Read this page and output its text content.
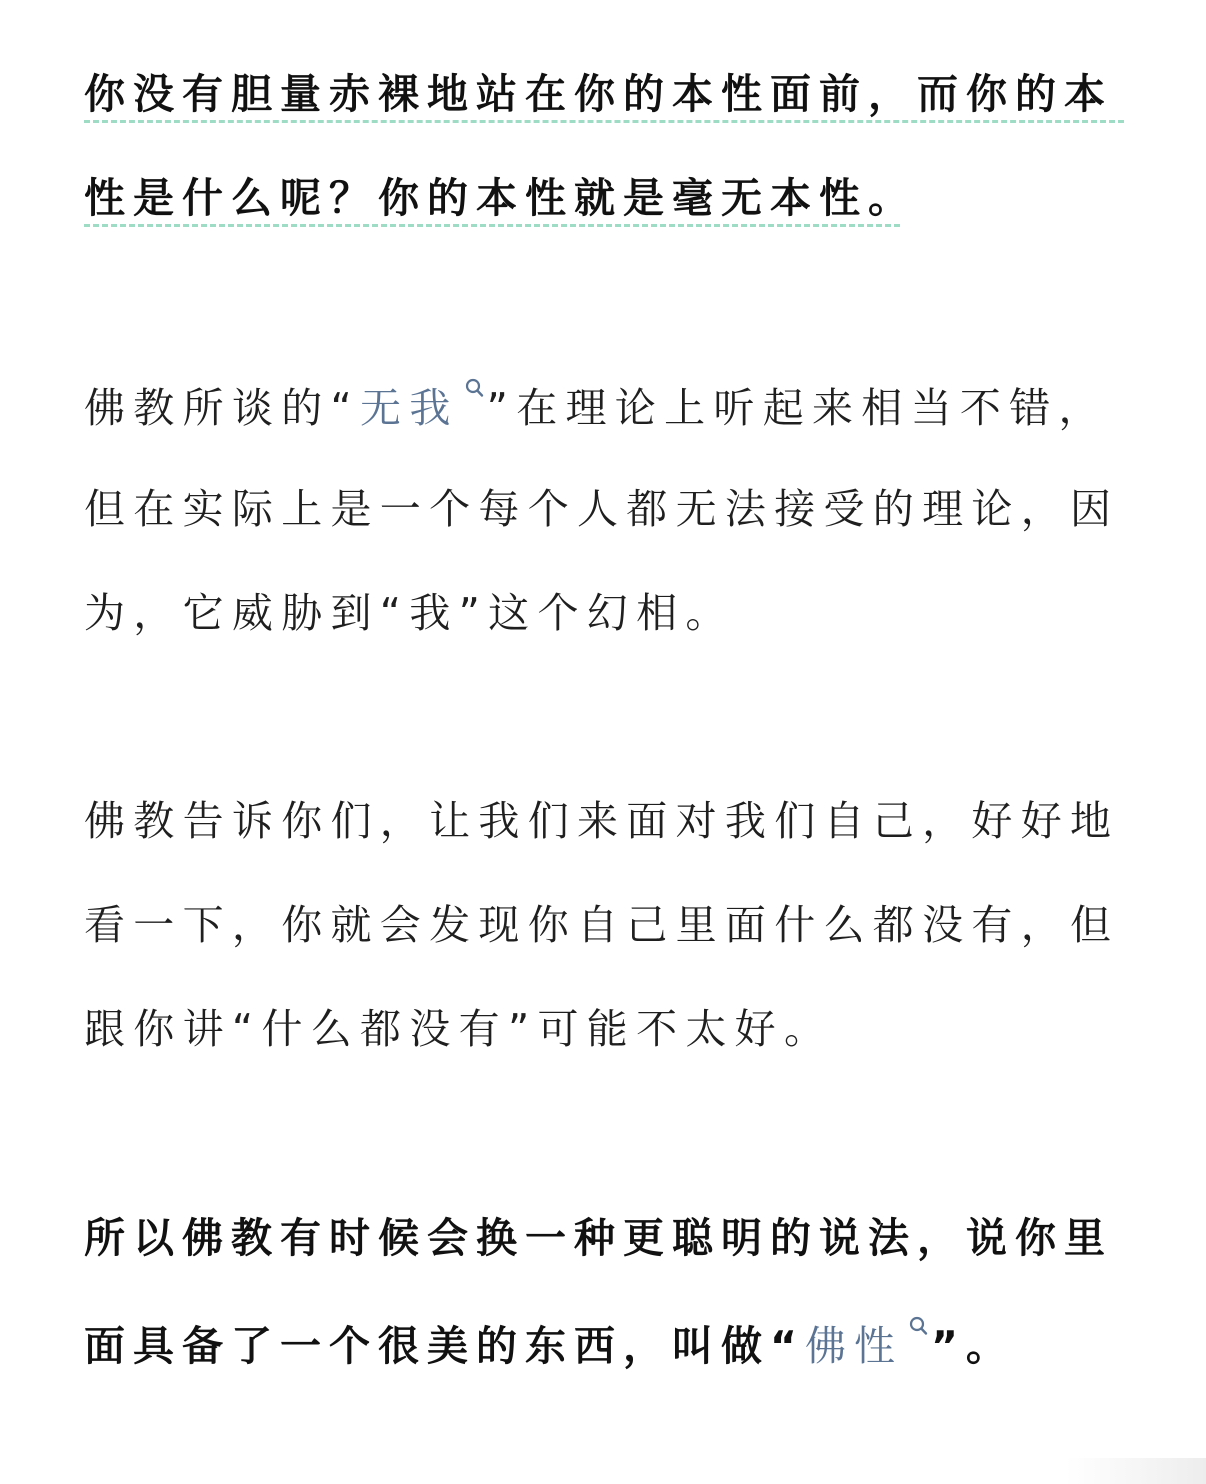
你没有胆量赤裸地站在你的本性面前，而你的本
性是什么呢？你的本性就是毫无本性。
佛教所谈的“无我 ”在理论上听起来相当不错，
但在实际上是一个每个人都无法接受的理论，因
为，它威胁到“我”这个幻相。
佛教告诉你们，让我们来面对我们自己，好好地
看一下，你就会发现你自己里面什么都没有，但
跟你讲“什么都没有”可能不太好。
所以佛教有时候会换一种更聪明的说法，说你里
面具备了一个很美的东西，叫做“佛性 ”。
